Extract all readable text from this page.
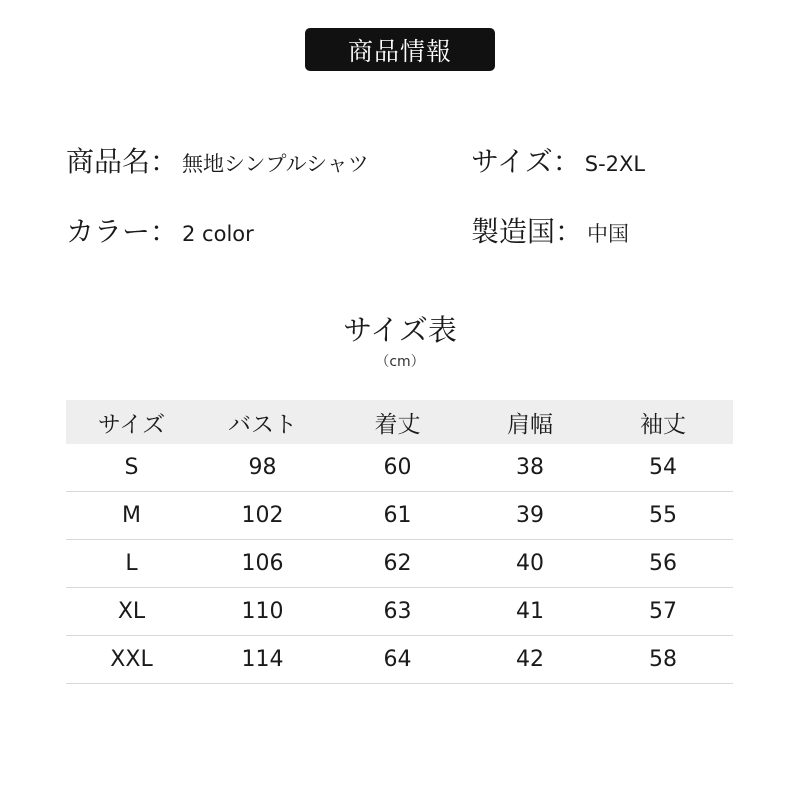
商品情報
商品名： 無地シンプルシャツ	サイズ： S-2XL
カラー： 2 color	製造国： 中国
サイズ表
（cm）
サイズ	バスト	着丈	肩幅	袖丈
S	98	60	38	54
M	102	61	39	55
L	106	62	40	56
XL	110	63	41	57
XXL	114	64	42	58
